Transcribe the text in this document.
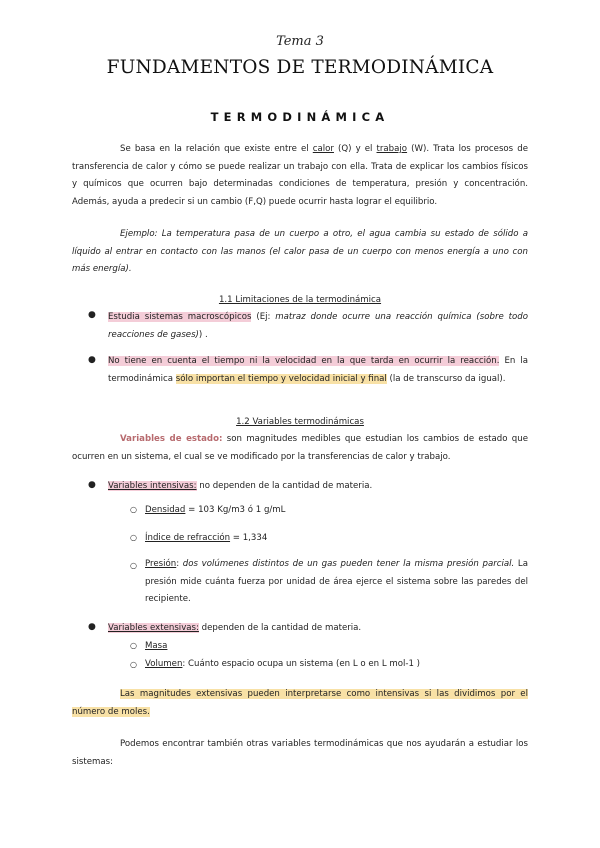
Tema 3
FUNDAMENTOS DE TERMODINÁMICA
TERMODINÁMICA
Se basa en la relación que existe entre el calor (Q) y el trabajo (W). Trata los procesos de transferencia de calor y cómo se puede realizar un trabajo con ella. Trata de explicar los cambios físicos y químicos que ocurren bajo determinadas condiciones de temperatura, presión y concentración. Además, ayuda a predecir si un cambio (F,Q) puede ocurrir hasta lograr el equilibrio.
Ejemplo: La temperatura pasa de un cuerpo a otro, el agua cambia su estado de sólido a líquido al entrar en contacto con las manos (el calor pasa de un cuerpo con menos energía a uno con más energía).
1.1 Limitaciones de la termodinámica
● Estudia sistemas macroscópicos (Ej: matraz donde ocurre una reacción química (sobre todo reacciones de gases)) .
● No tiene en cuenta el tiempo ni la velocidad en la que tarda en ocurrir la reacción. En la termodinámica sólo importan el tiempo y velocidad inicial y final (la de transcurso da igual).
1.2 Variables termodinámicas
Variables de estado: son magnitudes medibles que estudian los cambios de estado que ocurren en un sistema, el cual se ve modificado por la transferencias de calor y trabajo.
● Variables intensivas: no dependen de la cantidad de materia.
○ Densidad = 103 Kg/m3 ó 1 g/mL
○ Índice de refracción = 1,334
○ Presión: dos volúmenes distintos de un gas pueden tener la misma presión parcial. La presión mide cuánta fuerza por unidad de área ejerce el sistema sobre las paredes del recipiente.
● Variables extensivas: dependen de la cantidad de materia.
○ Masa
○ Volumen: Cuánto espacio ocupa un sistema (en L o en L mol-1 )
Las magnitudes extensivas pueden interpretarse como intensivas si las dividimos por el número de moles.
Podemos encontrar también otras variables termodinámicas que nos ayudarán a estudiar los sistemas:
